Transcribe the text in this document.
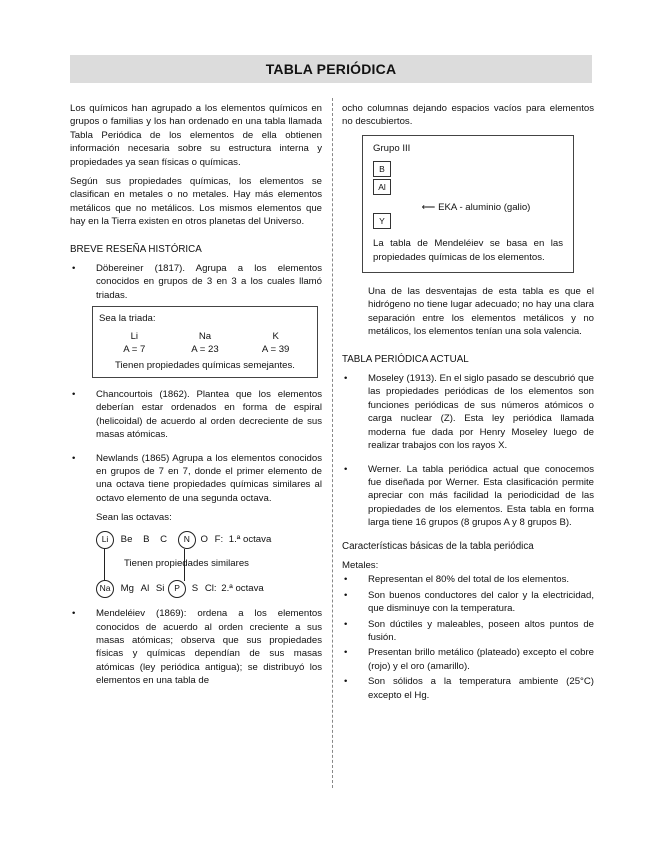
TABLA PERIÓDICA

Los químicos han agrupado a los elementos químicos en grupos o familias y los han ordenado en una tabla llamada Tabla Periódica de los elementos de ella obtienen información necesaria sobre su estructura interna y propiedades ya sean físicas o químicas.

Según sus propiedades químicas, los elementos se clasifican en metales o no metales. Hay más elementos metálicos que no metálicos. Los mismos elementos que hay en la Tierra existen en otros planetas del Universo.

BREVE RESEÑA HISTÓRICA
• Döbereiner (1817). Agrupa a los elementos conocidos en grupos de 3 en 3 a los cuales llamó triadas.
Sea la triada:
Li	Na	K
A = 7	A = 23	A = 39
Tienen propiedades químicas semejantes.
• Chancourtois (1862). Plantea que los elementos deberían estar ordenados en forma de espiral (helicoidal) de acuerdo al orden decreciente de sus masas atómicas.
• Newlands (1865) Agrupa a los elementos conocidos en grupos de 7 en 7, donde el primer elemento de una octava tiene propiedades químicas similares al octavo elemento de una segunda octava.
Sean las octavas:
Li Be B C N O F: 1.ª octava
Tienen propiedades similares
Na Mg Al Si P S Cl: 2.ª octava
• Mendeléiev (1869): ordena a los elementos conocidos de acuerdo al orden creciente a sus masas atómicas; observa que sus propiedades físicas y químicas dependían de sus masas atómicas (ley periódica antigua); se distribuyó los elementos en una tabla de

ocho columnas dejando espacios vacíos para elementos no descubiertos.

Grupo III
B
Al
Y
⟵ EKA - aluminio (galio)
La tabla de Mendeléiev se basa en las propiedades químicas de los elementos.

Una de las desventajas de esta tabla es que el hidrógeno no tiene lugar adecuado; no hay una clara separación entre los elementos metálicos y no metálicos, los elementos tenían una sola valencia.

TABLA PERIÓDICA ACTUAL
• Moseley (1913). En el siglo pasado se descubrió que las propiedades periódicas de los elementos son funciones periódicas de sus números atómicos o carga nuclear (Z). Esta ley periódica llamada moderna fue dada por Henry Moseley luego de realizar trabajos con los rayos X.
• Werner. La tabla periódica actual que conocemos fue diseñada por Werner. Esta clasificación permite apreciar con más facilidad la periodicidad de las propiedades de los elementos. Esta tabla en forma larga tiene 16 grupos (8 grupos A y 8 grupos B).
Características básicas de la tabla periódica
Metales:
• Representan el 80% del total de los elementos.
• Son buenos conductores del calor y la electricidad, que disminuye con la temperatura.
• Son dúctiles y maleables, poseen altos puntos de fusión.
• Presentan brillo metálico (plateado) excepto el cobre (rojo) y el oro (amarillo).
• Son sólidos a la temperatura ambiente (25°C) excepto el Hg.
